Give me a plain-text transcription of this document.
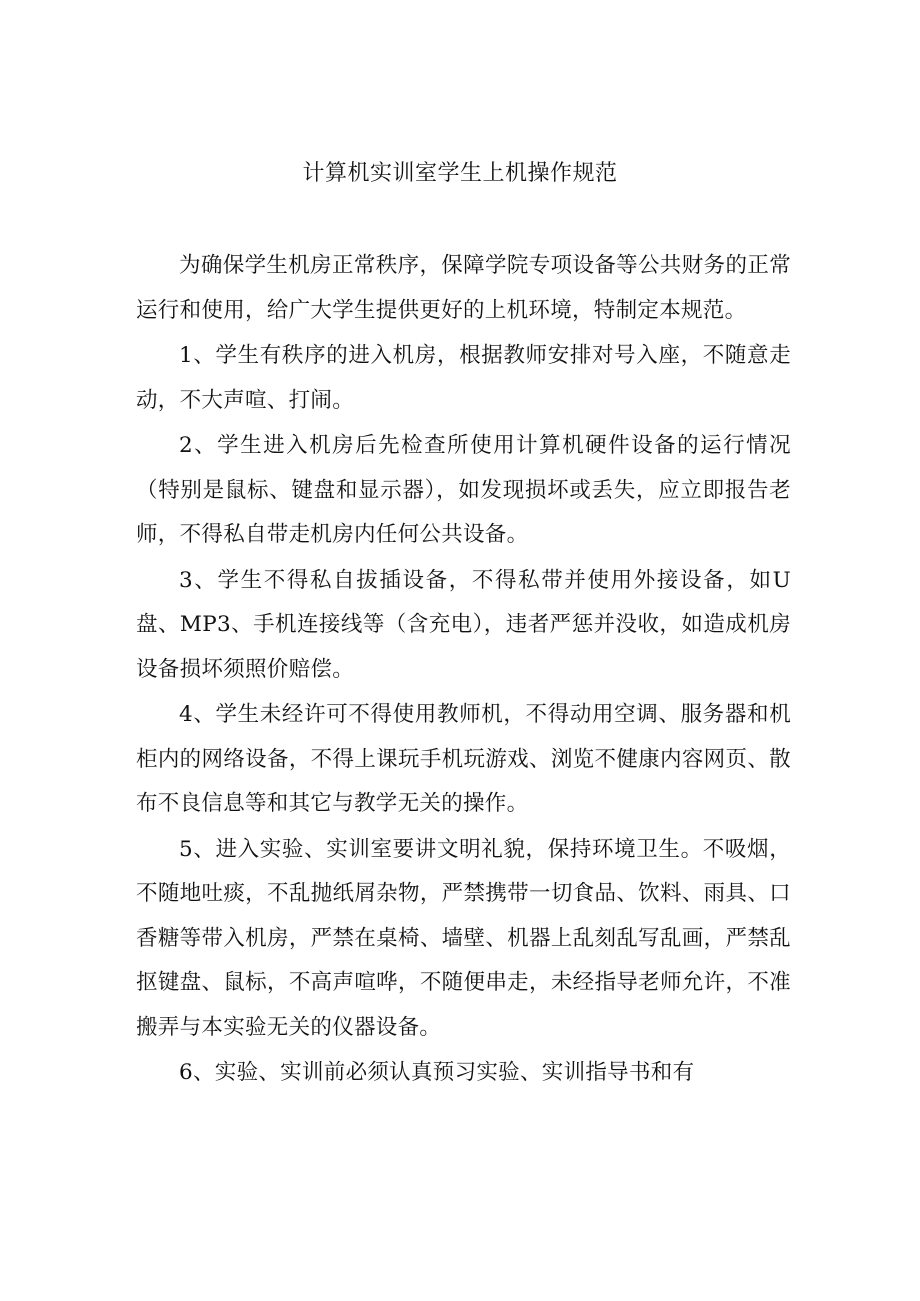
计算机实训室学生上机操作规范

为确保学生机房正常秩序，保障学院专项设备等公共财务的正常运行和使用，给广大学生提供更好的上机环境，特制定本规范。

1、学生有秩序的进入机房，根据教师安排对号入座，不随意走动，不大声喧、打闹。

2、学生进入机房后先检查所使用计算机硬件设备的运行情况（特别是鼠标、键盘和显示器），如发现损坏或丢失，应立即报告老师，不得私自带走机房内任何公共设备。

3、学生不得私自拔插设备，不得私带并使用外接设备，如U盘、MP3、手机连接线等（含充电），违者严惩并没收，如造成机房设备损坏须照价赔偿。

4、学生未经许可不得使用教师机，不得动用空调、服务器和机柜内的网络设备，不得上课玩手机玩游戏、浏览不健康内容网页、散布不良信息等和其它与教学无关的操作。

5、进入实验、实训室要讲文明礼貌，保持环境卫生。不吸烟，不随地吐痰，不乱抛纸屑杂物，严禁携带一切食品、饮料、雨具、口香糖等带入机房，严禁在桌椅、墙壁、机器上乱刻乱写乱画，严禁乱抠键盘、鼠标，不高声喧哗，不随便串走，未经指导老师允许，不准搬弄与本实验无关的仪器设备。

6、实验、实训前必须认真预习实验、实训指导书和有
